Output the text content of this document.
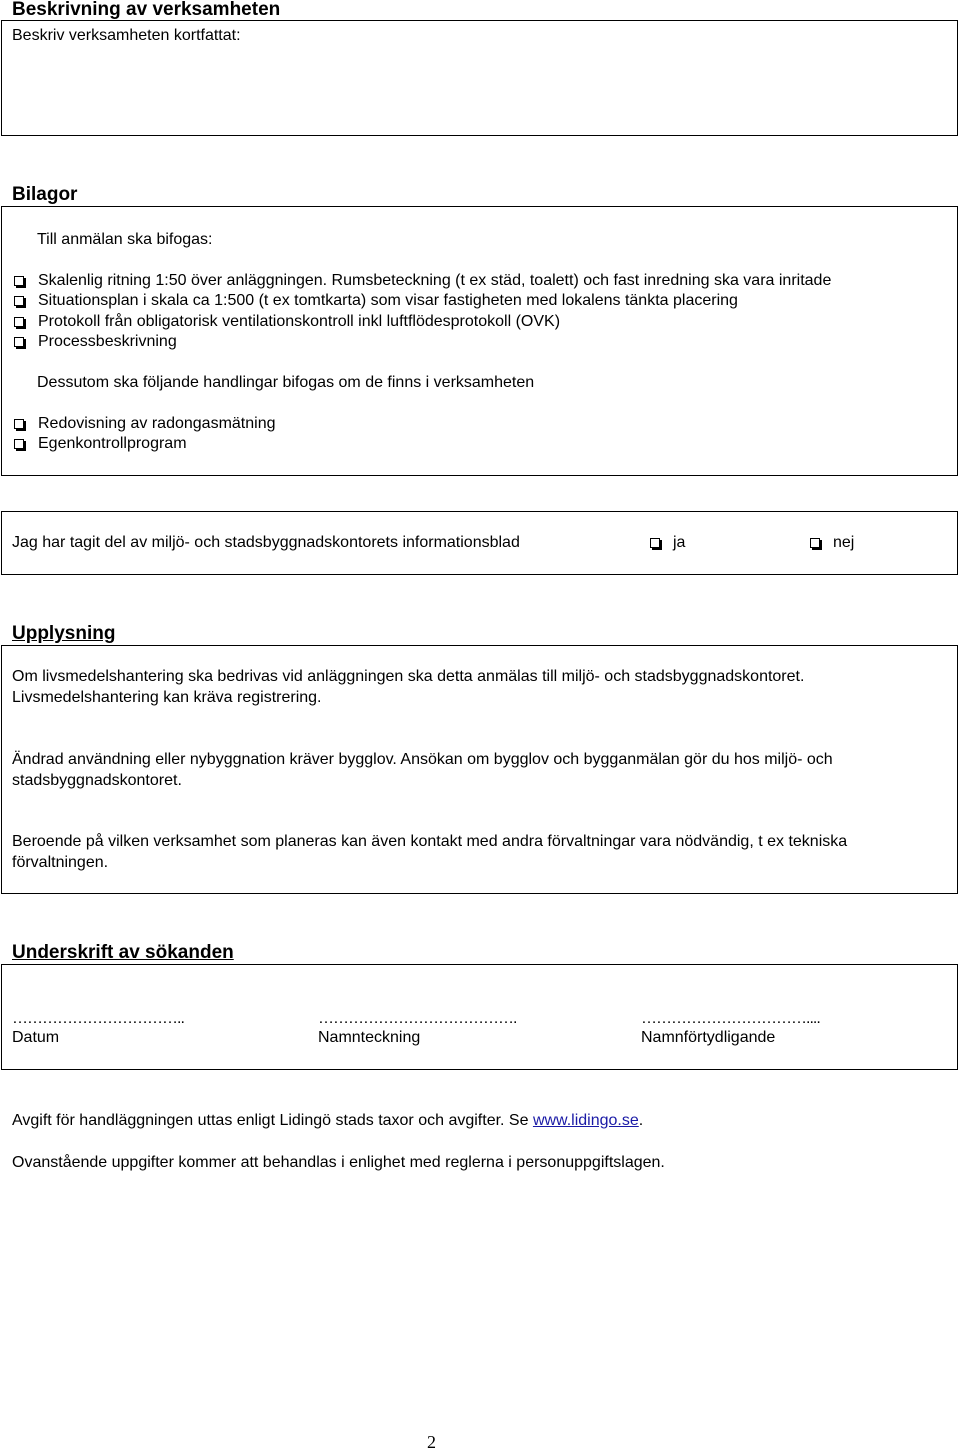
Beskrivning av verksamheten
Beskriv verksamheten kortfattat:
Bilagor
Till anmälan ska bifogas:
Skalenlig ritning 1:50 över anläggningen. Rumsbeteckning (t ex städ, toalett) och fast inredning ska vara inritade
Situationsplan i skala ca 1:500 (t ex tomtkarta) som visar fastigheten med lokalens tänkta placering
Protokoll från obligatorisk ventilationskontroll inkl luftflödesprotokoll (OVK)
Processbeskrivning
Dessutom ska följande handlingar bifogas om de finns i verksamheten
Redovisning av radongasmätning
Egenkontrollprogram
Jag har tagit del av miljö- och stadsbyggnadskontorets informationsblad	ja	nej
Upplysning
Om livsmedelshantering ska bedrivas vid anläggningen ska detta anmälas till miljö- och stadsbyggnadskontoret.
Livsmedelshantering kan kräva registrering.
Ändrad användning eller nybyggnation kräver bygglov. Ansökan om bygglov och bygganmälan gör du hos miljö- och
stadsbyggnadskontoret.
Beroende på vilken verksamhet som planeras kan även kontakt med andra förvaltningar vara nödvändig, t ex tekniska
förvaltningen.
Underskrift av sökanden
……………………………..
Datum
………………………………….
Namnteckning
……………………………....
Namnförtydligande
Avgift för handläggningen uttas enligt Lidingö stads taxor och avgifter. Se www.lidingo.se.
Ovanstående uppgifter kommer att behandlas i enlighet med reglerna i personuppgiftslagen.
2
